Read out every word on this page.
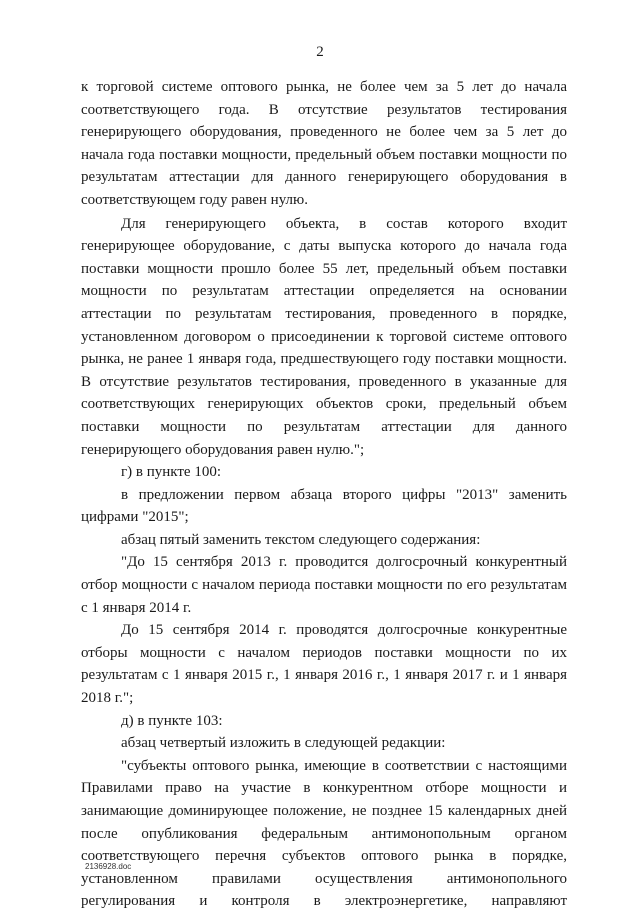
2

к торговой системе оптового рынка, не более чем за 5 лет до начала

соответствующего года. В отсутствие результатов тестирования

генерирующего оборудования, проведенного не более чем за 5 лет до

начала года поставки мощности, предельный объем поставки мощности по

результатам аттестации для данного генерирующего оборудования в

соответствующем году равен нулю.

Для генерирующего объекта, в состав которого входит

генерирующее оборудование, с даты выпуска которого до начала года

поставки мощности прошло более 55 лет, предельный объем поставки

мощности по результатам аттестации определяется на основании

аттестации по результатам тестирования, проведенного в порядке,

установленном договором о присоединении к торговой системе оптового

рынка, не ранее 1 января года, предшествующего году поставки мощности.

В отсутствие результатов тестирования, проведенного в указанные для

соответствующих генерирующих объектов сроки, предельный объем

поставки мощности по результатам аттестации для данного

генерирующего оборудования равен нулю.";

г) в пункте 100:

в предложении первом абзаца второго цифры "2013" заменить

цифрами "2015";

абзац пятый заменить текстом следующего содержания:

"До 15 сентября 2013 г. проводится долгосрочный конкурентный

отбор мощности с началом периода поставки мощности по его результатам

с 1 января 2014 г.

До 15 сентября 2014 г. проводятся долгосрочные конкурентные

отборы мощности с началом периодов поставки мощности по их

результатам с 1 января 2015 г., 1 января 2016 г., 1 января 2017 г. и 1 января

2018 г.";

д) в пункте 103:

абзац четвертый изложить в следующей редакции:

"субъекты оптового рынка, имеющие в соответствии с настоящими

Правилами право на участие в конкурентном отборе мощности и

занимающие доминирующее положение, не позднее 15 календарных дней

после опубликования федеральным антимонопольным органом

соответствующего перечня субъектов оптового рынка в порядке,

установленном правилами осуществления антимонопольного

регулирования и контроля в электроэнергетике, направляют

2136928.doc
